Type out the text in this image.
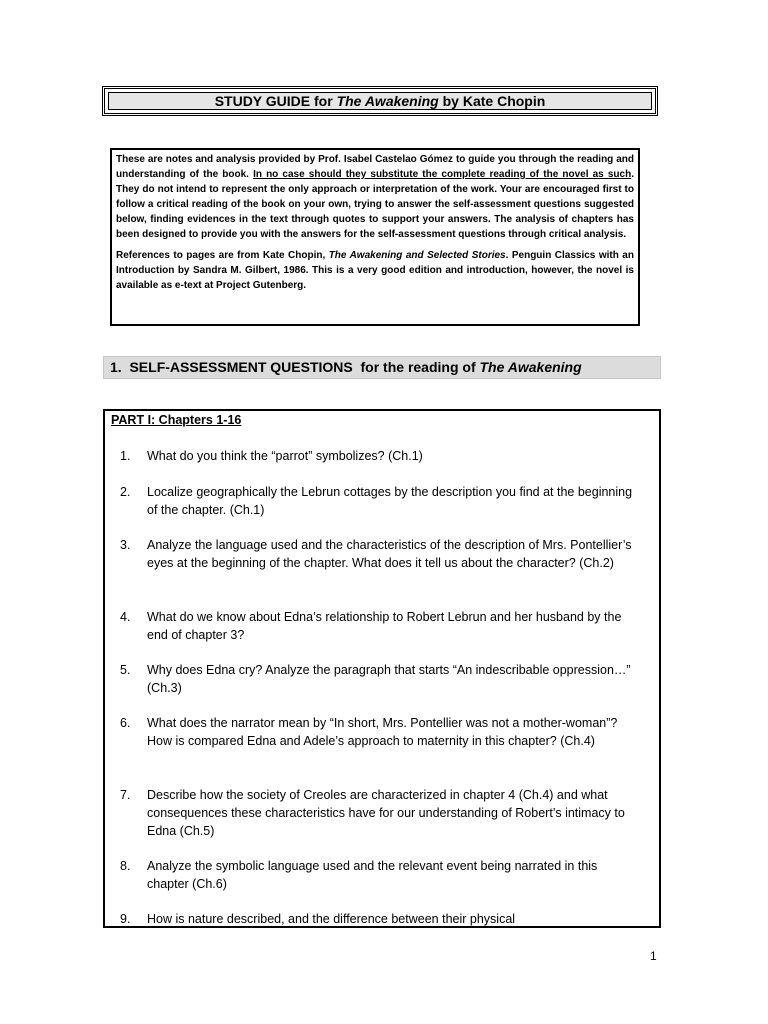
STUDY GUIDE for The Awakening by Kate Chopin

These are notes and analysis provided by Prof. Isabel Castelao Gómez to guide you through the reading and understanding of the book. In no case should they substitute the complete reading of the novel as such. They do not intend to represent the only approach or interpretation of the work. Your are encouraged first to follow a critical reading of the book on your own, trying to answer the self-assessment questions suggested below, finding evidences in the text through quotes to support your answers. The analysis of chapters has been designed to provide you with the answers for the self-assessment questions through critical analysis.

References to pages are from Kate Chopin, The Awakening and Selected Stories. Penguin Classics with an Introduction by Sandra M. Gilbert, 1986. This is a very good edition and introduction, however, the novel is available as e-text at Project Gutenberg.

1. SELF-ASSESSMENT QUESTIONS  for the reading of The Awakening
PART I: Chapters 1-16
1. What do you think the “parrot” symbolizes? (Ch.1)
2. Localize geographically the Lebrun cottages by the description you find at the beginning of the chapter. (Ch.1)
3. Analyze the language used and the characteristics of the description of Mrs. Pontellier’s eyes at the beginning of the chapter. What does it tell us about the character? (Ch.2)
4. What do we know about Edna’s relationship to Robert Lebrun and her husband by the end of chapter 3?
5. Why does Edna cry? Analyze the paragraph that starts “An indescribable oppression…” (Ch.3)
6. What does the narrator mean by “In short, Mrs. Pontellier was not a mother-woman”? How is compared Edna and Adele’s approach to maternity in this chapter? (Ch.4)
7. Describe how the society of Creoles are characterized in chapter 4 (Ch.4) and what consequences these characteristics have for our understanding of Robert’s intimacy to Edna (Ch.5)
8. Analyze the symbolic language used and the relevant event being narrated in this chapter (Ch.6)
9. How is nature described, and the difference between their physical
1
